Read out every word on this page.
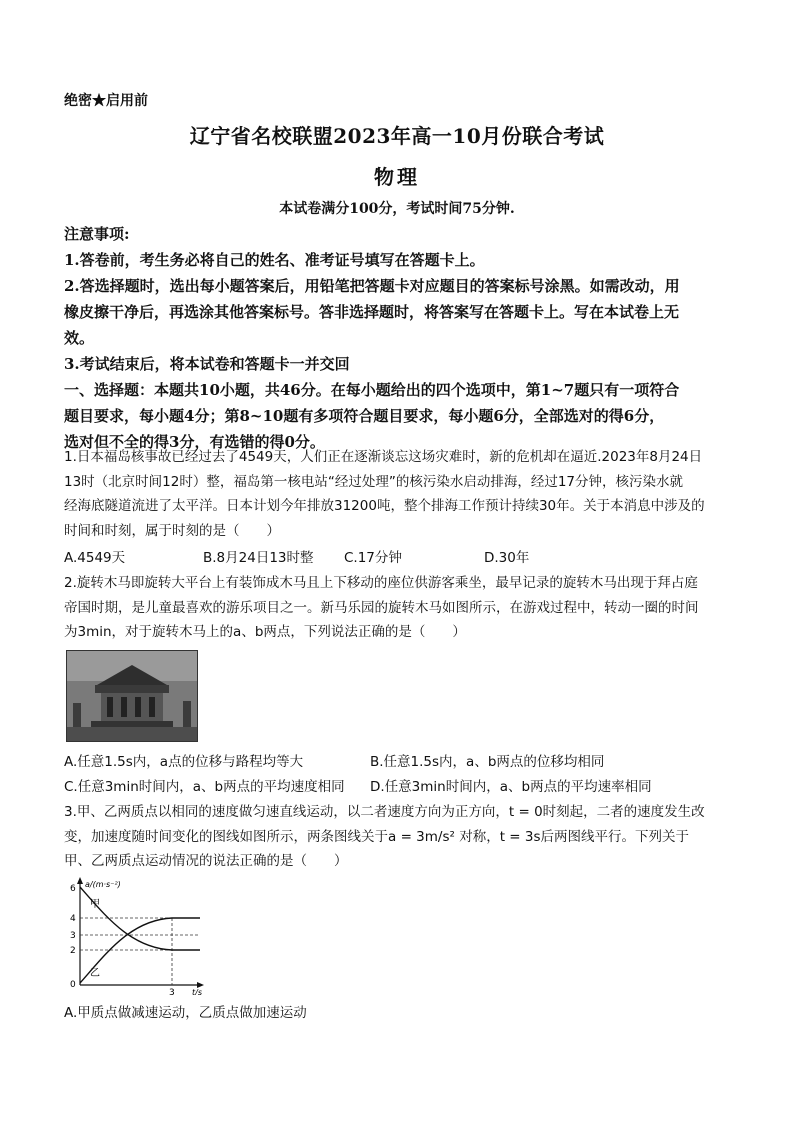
绝密★启用前
辽宁省名校联盟2023年高一10月份联合考试
物理
本试卷满分100分，考试时间75分钟.
注意事项:
1.答卷前，考生务必将自己的姓名、准考证号填写在答题卡上。
2.答选择题时，选出每小题答案后，用铅笔把答题卡对应题目的答案标号涂黑。如需改动，用
橡皮擦干净后，再选涂其他答案标号。答非选择题时，将答案写在答题卡上。写在本试卷上无
效。
3.考试结束后，将本试卷和答题卡一并交回
一、选择题：本题共10小题，共46分。在每小题给出的四个选项中，第1~7题只有一项符合
题目要求，每小题4分；第8~10题有多项符合题目要求，每小题6分，全部选对的得6分，
选对但不全的得3分，有选错的得0分。
1.日本福岛核事故已经过去了4549天，人们正在逐渐谈忘这场灾难时，新的危机却在逼近.2023年8月24日
13时（北京时间12时）整，福岛第一核电站“经过处理”的核污染水启动排海，经过17分钟，核污染水就
经海底隧道流进了太平洋。日本计划今年排放31200吨，整个排海工作预计持续30年。关于本消息中涉及的
时间和时刻，属于时刻的是（　　）
A.4549天	B.8月24日13时整 C.17分钟	D.30年
2.旋转木马即旋转大平台上有装饰成木马且上下移动的座位供游客乘坐，最早记录的旋转木马出现于拜占庭
帝国时期，是儿童最喜欢的游乐项目之一。新马乐园的旋转木马如图所示，在游戏过程中，转动一圈的时间
为3min，对于旋转木马上的a、b两点，下列说法正确的是（　　）
A.任意1.5s内，a点的位移与路程均等大	B.任意1.5s内，a、b两点的位移均相同
C.任意3min时间内，a、b两点的平均速度相同 D.任意3min时间内，a、b两点的平均速率相同
3.甲、乙两质点以相同的速度做匀速直线运动，以二者速度方向为正方向，t = 0时刻起，二者的速度发生改
变，加速度随时间变化的图线如图所示，两条图线关于a = 3m/s² 对称，t = 3s后两图线平行。下列关于
甲、乙两质点运动情况的说法正确的是（　　）
6
4
3
2
0
3
a/(m·s⁻²)
t/s
甲
乙
A.甲质点做减速运动，乙质点做加速运动
